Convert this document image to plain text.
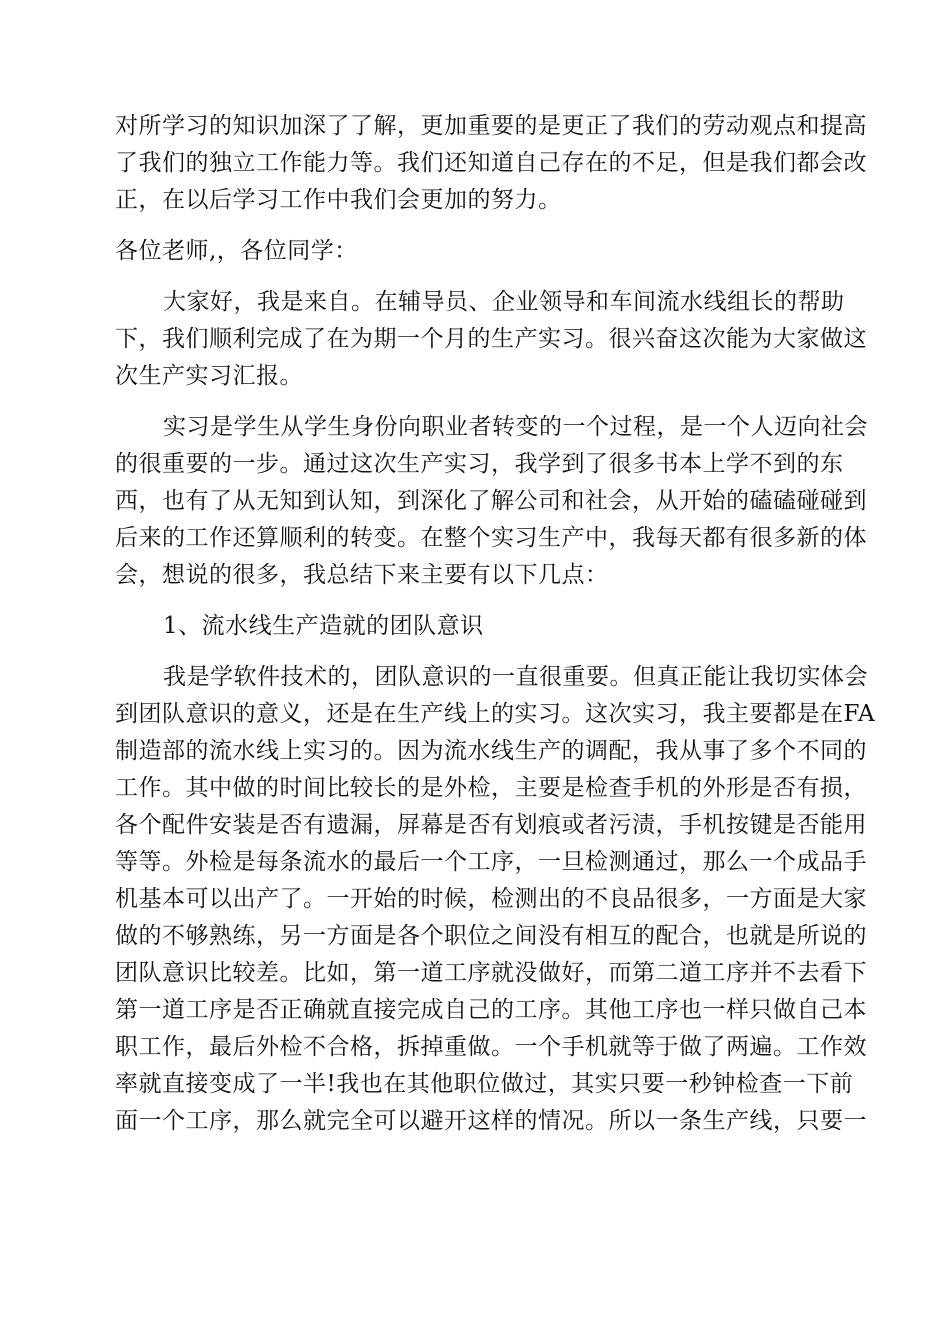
对所学习的知识加深了了解，更加重要的是更正了我们的劳动观点和提高
了我们的独立工作能力等。我们还知道自己存在的不足，但是我们都会改
正，在以后学习工作中我们会更加的努力。
各位老师,，各位同学：
大家好，我是来自。在辅导员、企业领导和车间流水线组长的帮助
下，我们顺利完成了在为期一个月的生产实习。很兴奋这次能为大家做这
次生产实习汇报。
实习是学生从学生身份向职业者转变的一个过程，是一个人迈向社会
的很重要的一步。通过这次生产实习，我学到了很多书本上学不到的东
西，也有了从无知到认知，到深化了解公司和社会，从开始的磕磕碰碰到
后来的工作还算顺利的转变。在整个实习生产中，我每天都有很多新的体
会，想说的很多，我总结下来主要有以下几点：
1、流水线生产造就的团队意识
我是学软件技术的，团队意识的一直很重要。但真正能让我切实体会
到团队意识的意义，还是在生产线上的实习。这次实习，我主要都是在FA
制造部的流水线上实习的。因为流水线生产的调配，我从事了多个不同的
工作。其中做的时间比较长的是外检，主要是检查手机的外形是否有损，
各个配件安装是否有遗漏，屏幕是否有划痕或者污渍，手机按键是否能用
等等。外检是每条流水的最后一个工序，一旦检测通过，那么一个成品手
机基本可以出产了。一开始的时候，检测出的不良品很多，一方面是大家
做的不够熟练，另一方面是各个职位之间没有相互的配合，也就是所说的
团队意识比较差。比如，第一道工序就没做好，而第二道工序并不去看下
第一道工序是否正确就直接完成自己的工序。其他工序也一样只做自己本
职工作，最后外检不合格，拆掉重做。一个手机就等于做了两遍。工作效
率就直接变成了一半!我也在其他职位做过，其实只要一秒钟检查一下前
面一个工序，那么就完全可以避开这样的情况。所以一条生产线，只要一
